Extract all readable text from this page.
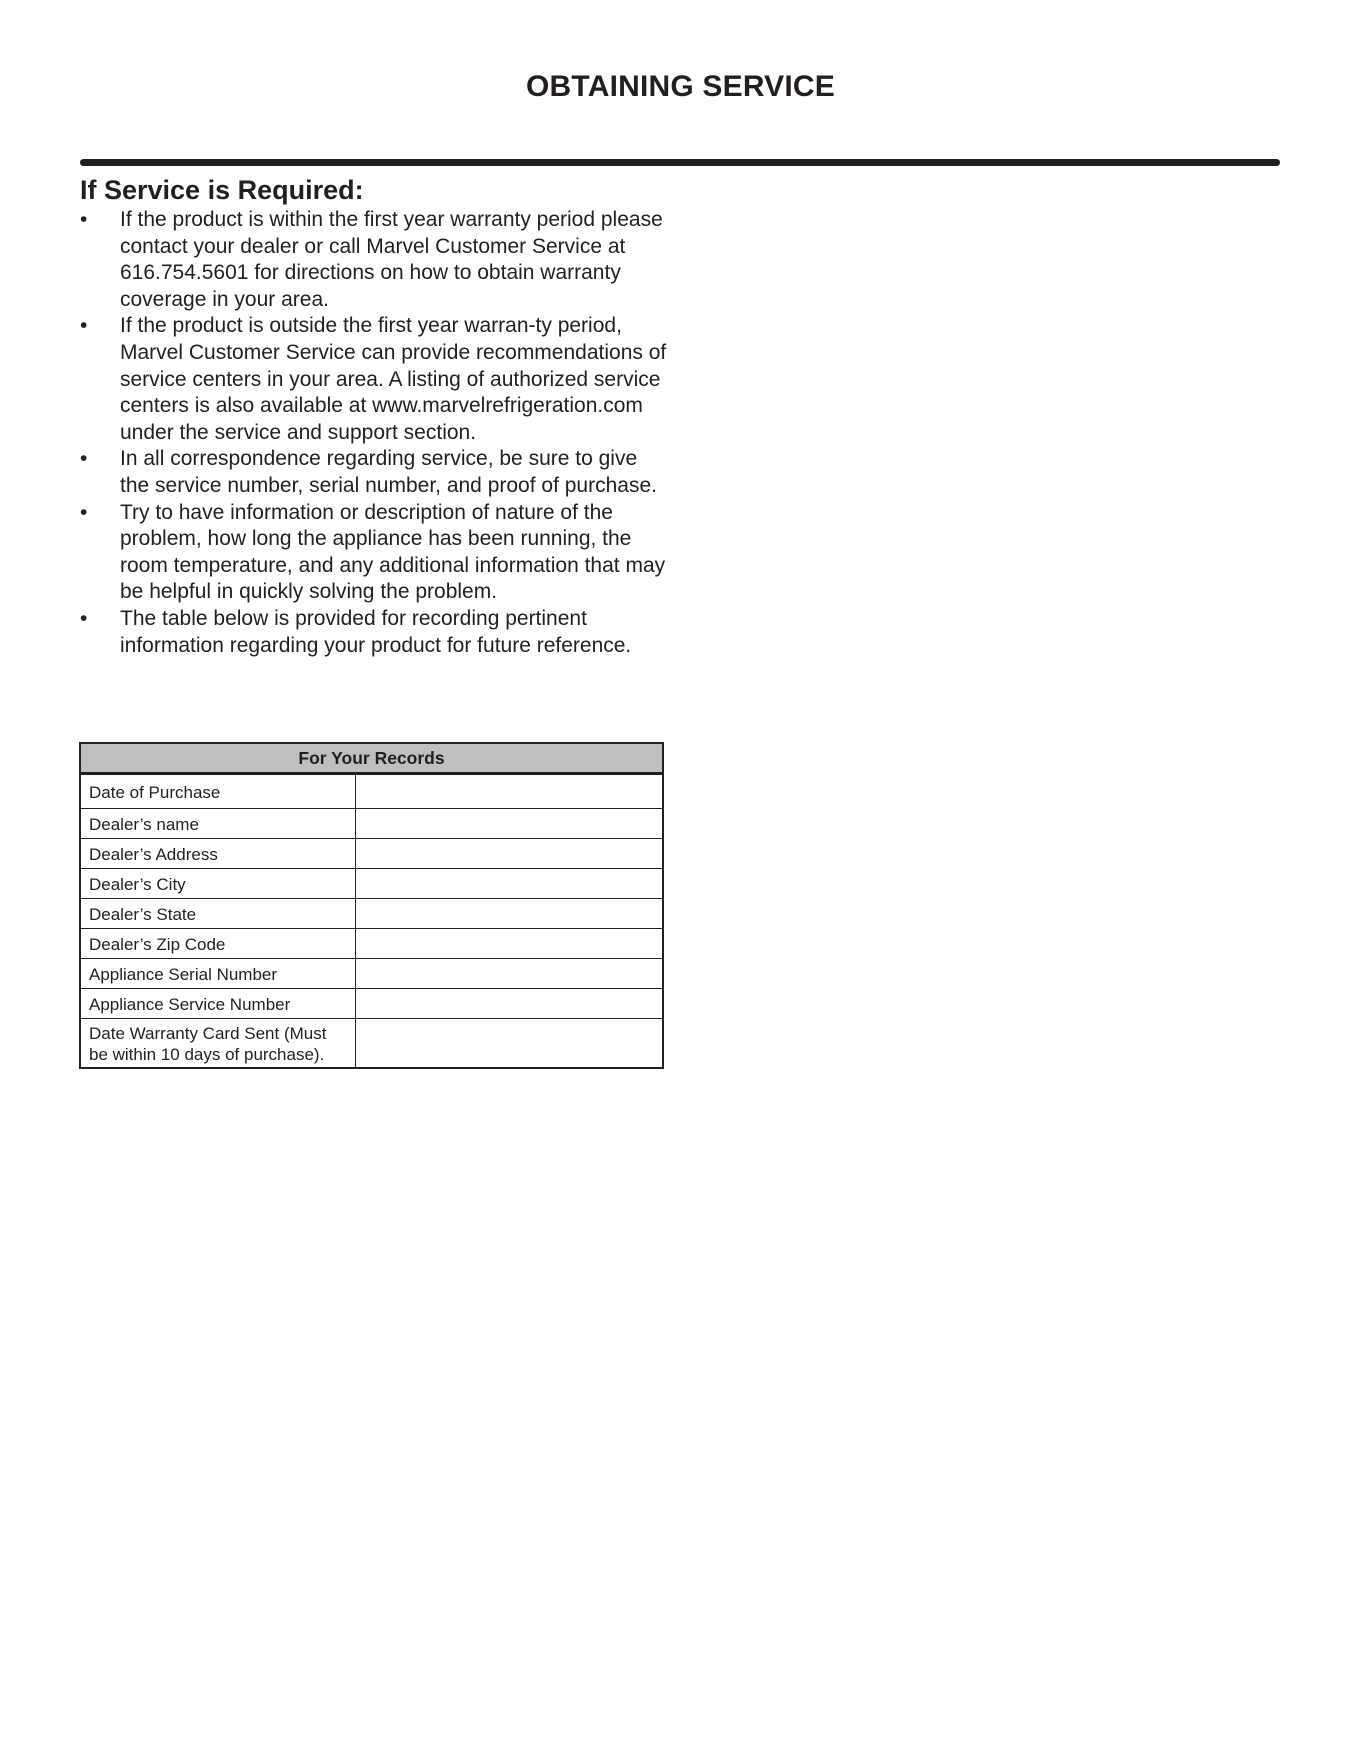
OBTAINING SERVICE
If Service is Required:
• If the product is within the first year warranty period please contact your dealer or call Marvel Customer Service at 616.754.5601 for directions on how to obtain warranty coverage in your area.
• If the product is outside the first year warran-ty period, Marvel Customer Service can provide recommendations of service centers in your area. A listing of authorized service centers is also available at www.marvelrefrigeration.com under the service and support section.
• In all correspondence regarding service, be sure to give the service number, serial number, and proof of purchase.
• Try to have information or description of nature of the problem, how long the appliance has been running, the room temperature, and any additional information that may be helpful in quickly solving the problem.
• The table below is provided for recording pertinent information regarding your product for future reference.
For Your Records	
Date of Purchase	
Dealer’s name	
Dealer’s Address	
Dealer’s City	
Dealer’s State	
Dealer’s Zip Code	
Appliance Serial Number	
Appliance Service Number	
Date Warranty Card Sent (Must be within 10 days of purchase).	
